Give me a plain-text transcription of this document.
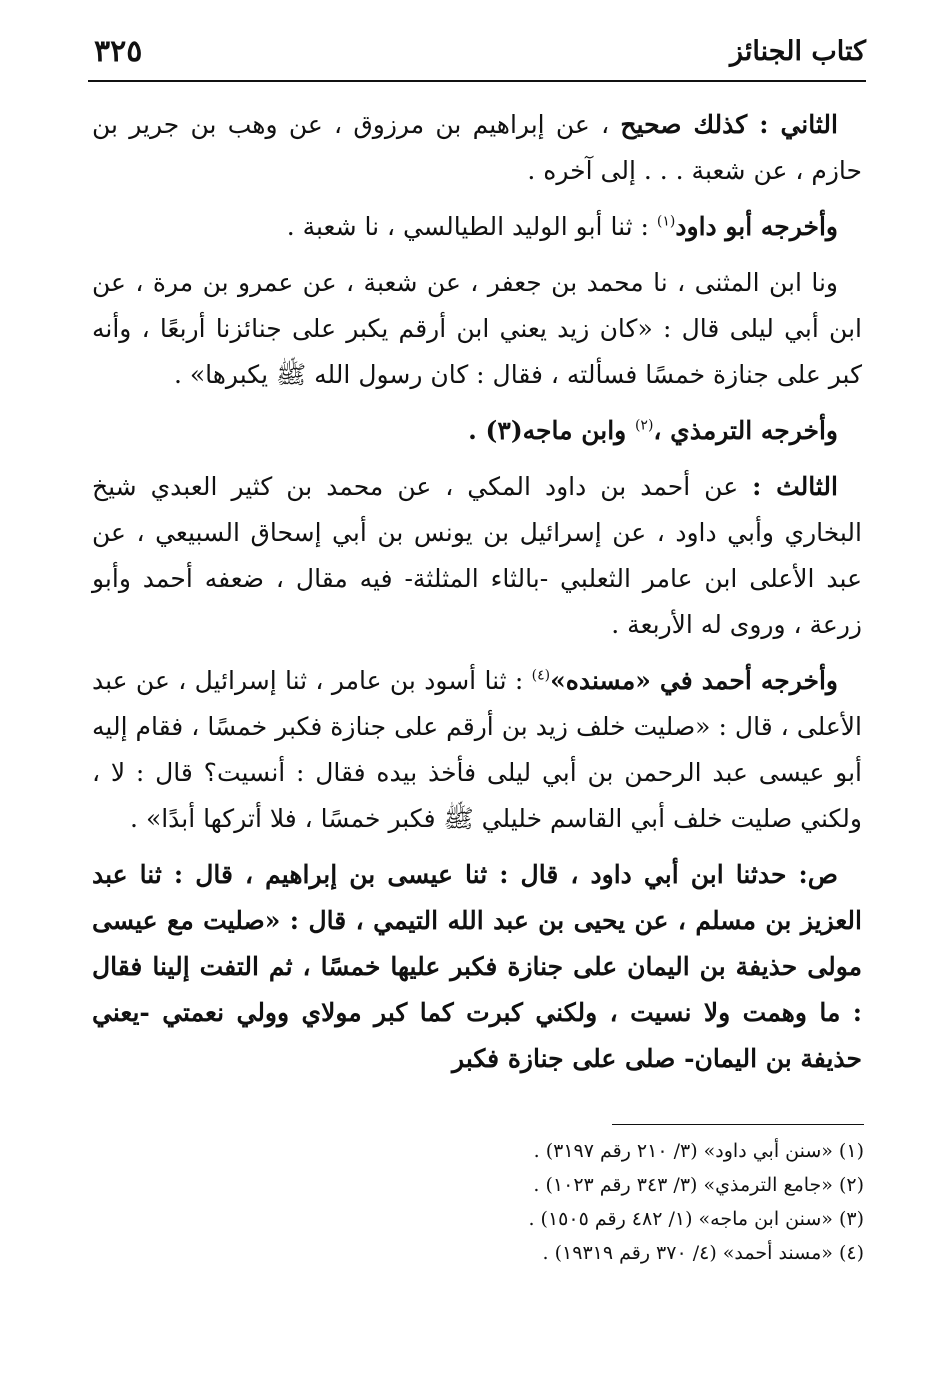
٣٢٥	كتاب الجنائز

الثاني : كذلك صحيح ، عن إبراهيم بن مرزوق ، عن وهب بن جرير بن حازم ، عن شعبة . . . إلى آخره .

وأخرجه أبو داود$^{(١)}$ : ثنا أبو الوليد الطيالسي ، نا شعبة .

ونا ابن المثنى ، نا محمد بن جعفر ، عن شعبة ، عن عمرو بن مرة ، عن ابن أبي ليلى قال : «كان زيد يعني ابن أرقم يكبر على جنائزنا أربعًا ، وأنه كبر على جنازة خمسًا فسألته ، فقال : كان رسول الله ﷺ يكبرها» .

وأخرجه الترمذي ،$^{(٢)}$ وابن ماجه(٣) .

الثالث : عن أحمد بن داود المكي ، عن محمد بن كثير العبدي شيخ البخاري وأبي داود ، عن إسرائيل بن يونس بن أبي إسحاق السبيعي ، عن عبد الأعلى ابن عامر الثعلبي -بالثاء المثلثة- فيه مقال ، ضعفه أحمد وأبو زرعة ، وروى له الأربعة .

وأخرجه أحمد في «مسنده»$^{(٤)}$ : ثنا أسود بن عامر ، ثنا إسرائيل ، عن عبد الأعلى ، قال : «صليت خلف زيد بن أرقم على جنازة فكبر خمسًا ، فقام إليه أبو عيسى عبد الرحمن بن أبي ليلى فأخذ بيده فقال : أنسيت؟ قال : لا ، ولكني صليت خلف أبي القاسم خليلي ﷺ فكبر خمسًا ، فلا أتركها أبدًا» .

ص: حدثنا ابن أبي داود ، قال : ثنا عيسى بن إبراهيم ، قال : ثنا عبد العزيز بن مسلم ، عن يحيى بن عبد الله التيمي ، قال : «صليت مع عيسى مولى حذيفة بن اليمان على جنازة فكبر عليها خمسًا ، ثم التفت إلينا فقال : ما وهمت ولا نسيت ، ولكني كبرت كما كبر مولاي وولي نعمتي -يعني حذيفة بن اليمان- صلى على جنازة فكبر

(١) «سنن أبي داود» (٣/ ٢١٠ رقم ٣١٩٧) .

(٢) «جامع الترمذي» (٣/ ٣٤٣ رقم ١٠٢٣) .

(٣) «سنن ابن ماجه» (١/ ٤٨٢ رقم ١٥٠٥) .

(٤) «مسند أحمد» (٤/ ٣٧٠ رقم ١٩٣١٩) .
